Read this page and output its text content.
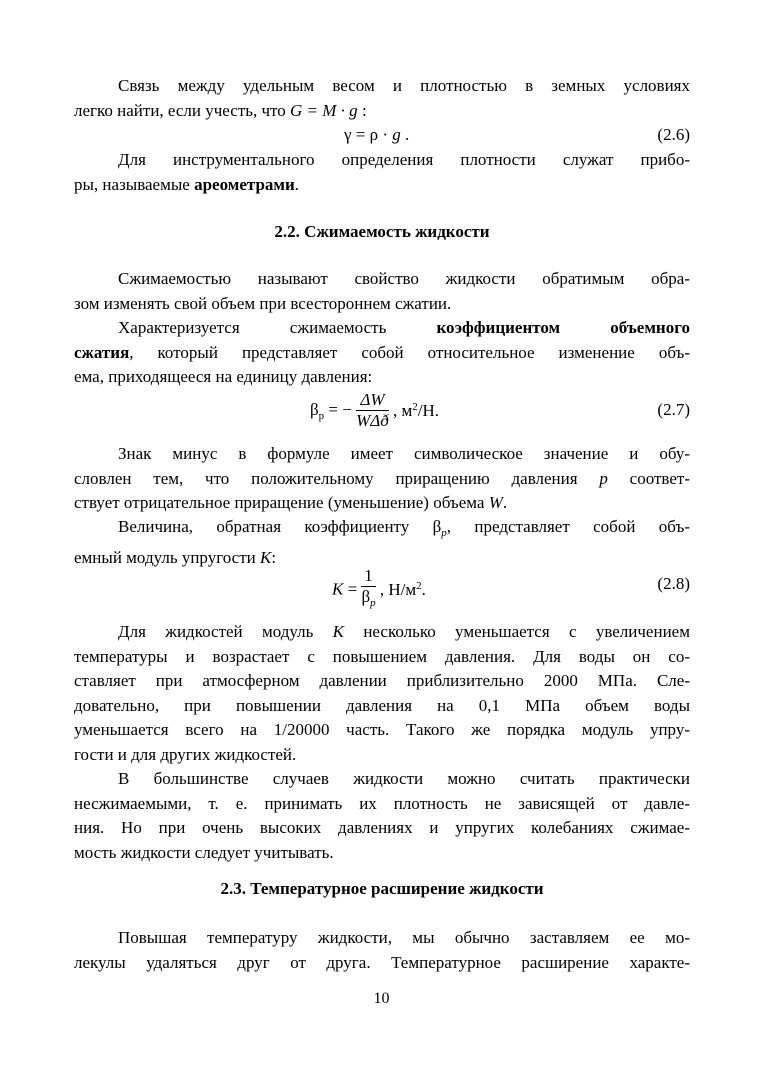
Связь между удельным весом и плотностью в земных условиях
легко найти, если учесть, что G = M · g :
γ = ρ · g .	(2.6)
Для инструментального определения плотности служат прибо-
ры, называемые ареометрами.
2.2. Сжимаемость жидкости
Сжимаемостью называют свойство жидкости обратимым обра-
зом изменять свой объем при всестороннем сжатии.
Характеризуется сжимаемость коэффициентом объемного
сжатия, который представляет собой относительное изменение объ-
ема, приходящееся на единицу давления:
$\beta_р$ = − $\frac{\Delta W}{\text{WΔð}}$ , $м^2/Н$.	(2.7)
Знак минус в формуле имеет символическое значение и обу-
словлен тем, что положительному приращению давления p соответ-
ствует отрицательное приращение (уменьшение) объема W.
Величина, обратная коэффициенту $\beta_p$, представляет собой объ-
емный модуль упругости K:
$K = \frac{1}{\beta_p}$ , $Н/м^2$.	(2.8)
Для жидкостей модуль K несколько уменьшается с увеличением
температуры и возрастает с повышением давления. Для воды он со-
ставляет при атмосферном давлении приблизительно 2000 МПа. Сле-
довательно, при повышении давления на 0,1 МПа объем воды
уменьшается всего на 1/20000 часть. Такого же порядка модуль упру-
гости и для других жидкостей.
В большинстве случаев жидкости можно считать практически
несжимаемыми, т. е. принимать их плотность не зависящей от давле-
ния. Но при очень высоких давлениях и упругих колебаниях сжимае-
мость жидкости следует учитывать.
2.3. Температурное расширение жидкости
Повышая температуру жидкости, мы обычно заставляем ее мо-
лекулы удаляться друг от друга. Температурное расширение характе-
10
